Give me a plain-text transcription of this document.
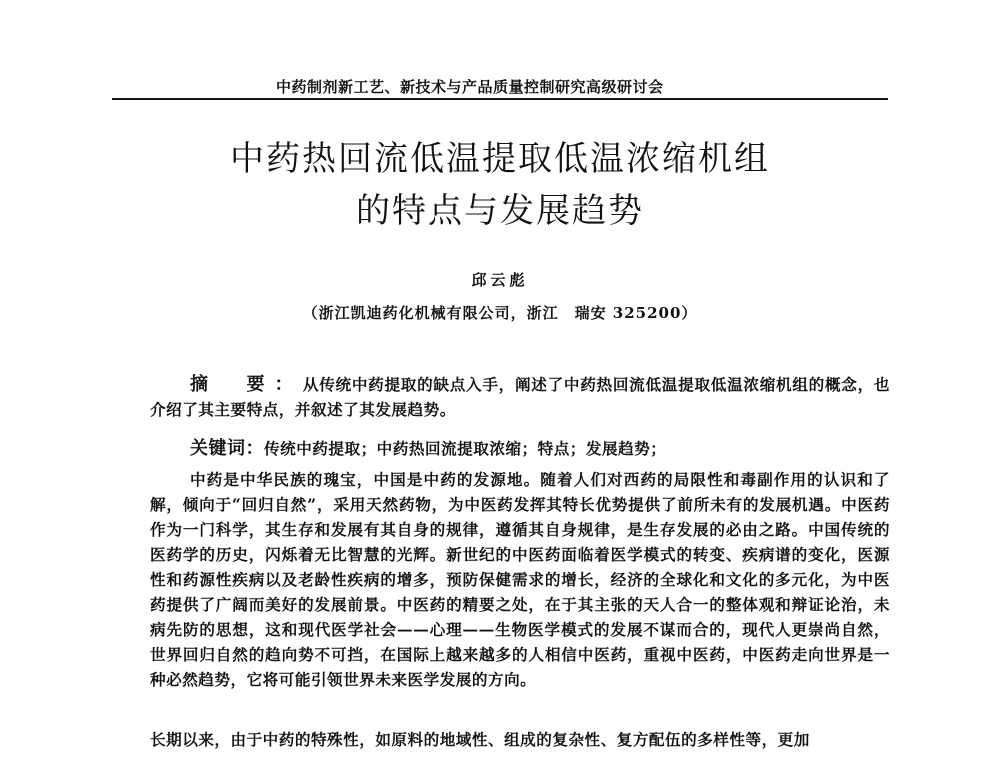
中药制剂新工艺、新技术与产品质量控制研究高级研讨会
中药热回流低温提取低温浓缩机组
的特点与发展趋势
邱云彪
（浙江凯迪药化机械有限公司，浙江　瑞安 325200）
摘　要：从传统中药提取的缺点入手，阐述了中药热回流低温提取低温浓缩机组的概念，也介绍了其主要特点，并叙述了其发展趋势。
关键词：传统中药提取；中药热回流提取浓缩；特点；发展趋势；
中药是中华民族的瑰宝，中国是中药的发源地。随着人们对西药的局限性和毒副作用的认识和了解，倾向于“回归自然”，采用天然药物，为中医药发挥其特长优势提供了前所未有的发展机遇。中医药作为一门科学，其生存和发展有其自身的规律，遵循其自身规律，是生存发展的必由之路。中国传统的医药学的历史，闪烁着无比智慧的光辉。新世纪的中医药面临着医学模式的转变、疾病谱的变化，医源性和药源性疾病以及老龄性疾病的增多，预防保健需求的增长，经济的全球化和文化的多元化，为中医药提供了广阔而美好的发展前景。中医药的精要之处，在于其主张的天人合一的整体观和辩证论治，未病先防的思想，这和现代医学社会——心理——生物医学模式的发展不谋而合的，现代人更崇尚自然，世界回归自然的趋向势不可挡，在国际上越来越多的人相信中医药，重视中医药，中医药走向世界是一种必然趋势，它将可能引领世界未来医学发展的方向。
长期以来，由于中药的特殊性，如原料的地域性、组成的复杂性、复方配伍的多样性等，更加
